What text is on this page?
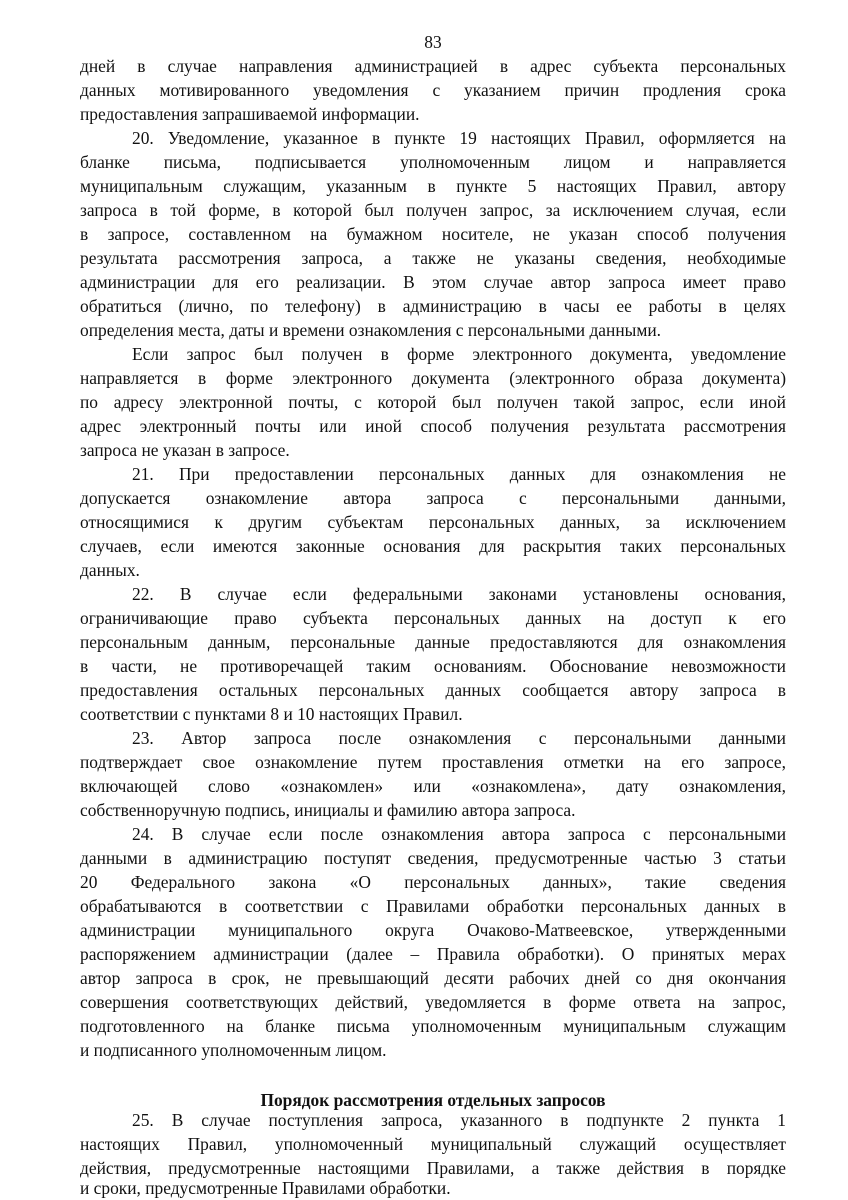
83
дней в случае направления администрацией в адрес субъекта персональных
данных мотивированного уведомления с указанием причин продления срока
предоставления запрашиваемой информации.
20. Уведомление, указанное в пункте 19 настоящих Правил, оформляется на
бланке письма, подписывается уполномоченным лицом и направляется
муниципальным служащим, указанным в пункте 5 настоящих Правил, автору
запроса в той форме, в которой был получен запрос, за исключением случая, если
в запросе, составленном на бумажном носителе, не указан способ получения
результата рассмотрения запроса, а также не указаны сведения, необходимые
администрации для его реализации. В этом случае автор запроса имеет право
обратиться (лично, по телефону) в администрацию в часы ее работы в целях
определения места, даты и времени ознакомления с персональными данными.
Если запрос был получен в форме электронного документа, уведомление
направляется в форме электронного документа (электронного образа документа)
по адресу электронной почты, с которой был получен такой запрос, если иной
адрес электронный почты или иной способ получения результата рассмотрения
запроса не указан в запросе.
21. При предоставлении персональных данных для ознакомления не
допускается ознакомление автора запроса с персональными данными,
относящимися к другим субъектам персональных данных, за исключением
случаев, если имеются законные основания для раскрытия таких персональных
данных.
22. В случае если федеральными законами установлены основания,
ограничивающие право субъекта персональных данных на доступ к его
персональным данным, персональные данные предоставляются для ознакомления
в части, не противоречащей таким основаниям. Обоснование невозможности
предоставления остальных персональных данных сообщается автору запроса в
соответствии с пунктами 8 и 10 настоящих Правил.
23. Автор запроса после ознакомления с персональными данными
подтверждает свое ознакомление путем проставления отметки на его запросе,
включающей слово «ознакомлен» или «ознакомлена», дату ознакомления,
собственноручную подпись, инициалы и фамилию автора запроса.
24. В случае если после ознакомления автора запроса с персональными
данными в администрацию поступят сведения, предусмотренные частью 3 статьи
20 Федерального закона «О персональных данных», такие сведения
обрабатываются в соответствии с Правилами обработки персональных данных в
администрации муниципального округа Очаково-Матвеевское, утвержденными
распоряжением администрации (далее – Правила обработки). О принятых мерах
автор запроса в срок, не превышающий десяти рабочих дней со дня окончания
совершения соответствующих действий, уведомляется в форме ответа на запрос,
подготовленного на бланке письма уполномоченным муниципальным служащим
и подписанного уполномоченным лицом.
Порядок рассмотрения отдельных запросов
25. В случае поступления запроса, указанного в подпункте 2 пункта 1
настоящих Правил, уполномоченный муниципальный служащий осуществляет
действия, предусмотренные настоящими Правилами, а также действия в порядке
и сроки, предусмотренные Правилами обработки.
